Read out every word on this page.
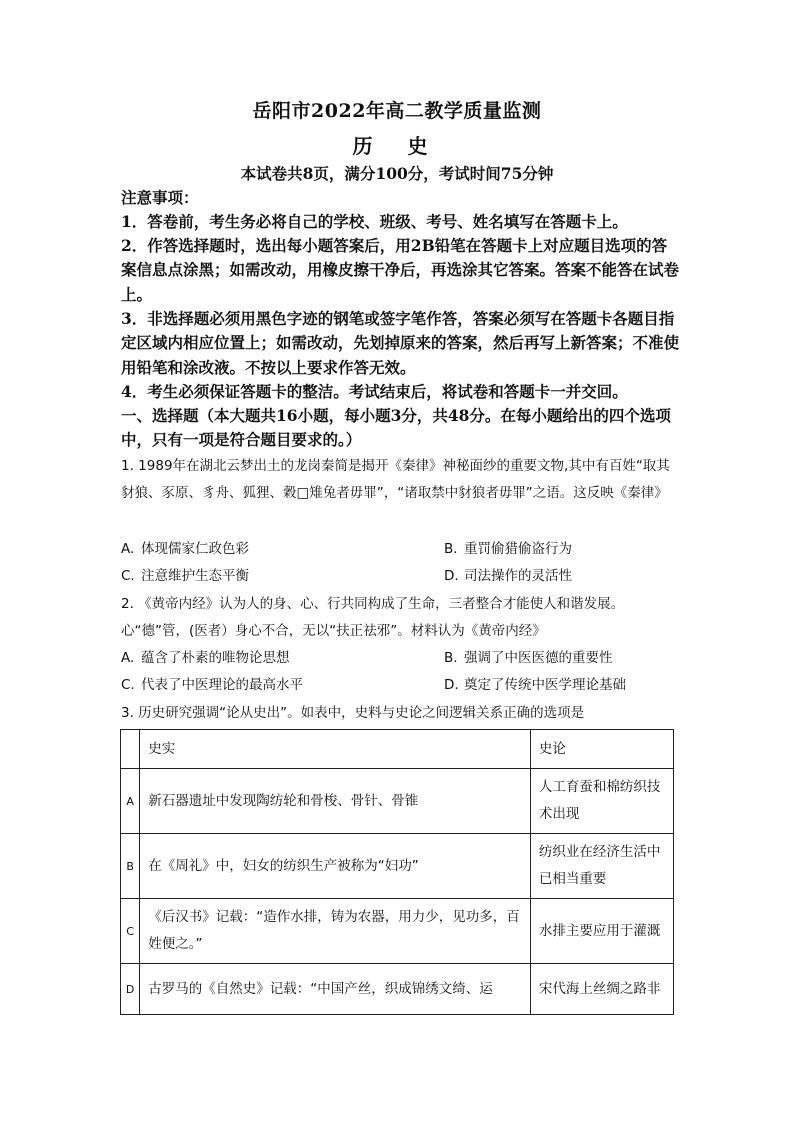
岳阳市2022年高二教学质量监测
历 史
本试卷共8页，满分100分，考试时间75分钟
注意事项：
1．答卷前，考生务必将自己的学校、班级、考号、姓名填写在答题卡上。
2．作答选择题时，选出每小题答案后，用2B铅笔在答题卡上对应题目选项的答案信息点涂黑；如需改动，用橡皮擦干净后，再选涂其它答案。答案不能答在试卷上。
3．非选择题必须用黑色字迹的钢笔或签字笔作答，答案必须写在答题卡各题目指定区域内相应位置上；如需改动，先划掉原来的答案，然后再写上新答案；不准使用铅笔和涂改液。不按以上要求作答无效。
4．考生必须保证答题卡的整洁。考试结束后，将试卷和答题卡一并交回。
一、选择题（本大题共16小题，每小题3分，共48分。在每小题给出的四个选项中，只有一项是符合题目要求的。）
1. 1989年在湖北云梦出土的龙岗秦简是揭开《秦律》神秘面纱的重要文物,其中有百姓“取其豺狼、豕原、豸舟、狐狸、穀□雉兔者毋罪”，“诸取禁中豺狼者毋罪”之语。这反映《秦律》
A. 体现儒家仁政色彩	B. 重罚偷猎偷盗行为
C. 注意维护生态平衡	D. 司法操作的灵活性
2. 《黄帝内经》认为人的身、心、行共同构成了生命，三者整合才能使人和谐发展。心“德”管，(医者）身心不合，无以“扶正祛邪”。材料认为《黄帝内经》
A. 蕴含了朴素的唯物论思想	B. 强调了中医医德的重要性
C. 代表了中医理论的最高水平	D. 奠定了传统中医学理论基础
3. 历史研究强调“论从史出”。如表中，史料与史论之间逻辑关系正确的选项是
	史实	史论
A	新石器遗址中发现陶纺轮和骨梭、骨针、骨锥	人工育蚕和棉纺织技术出现
B	在《周礼》中，妇女的纺织生产被称为“妇功”	纺织业在经济生活中已相当重要
C	《后汉书》记载：“造作水排，铸为农器，用力少，见功多，百姓便之。”	水排主要应用于灌溉
D	古罗马的《自然史》记载：“中国产丝，织成锦绣文绮、运	宋代海上丝绸之路非
